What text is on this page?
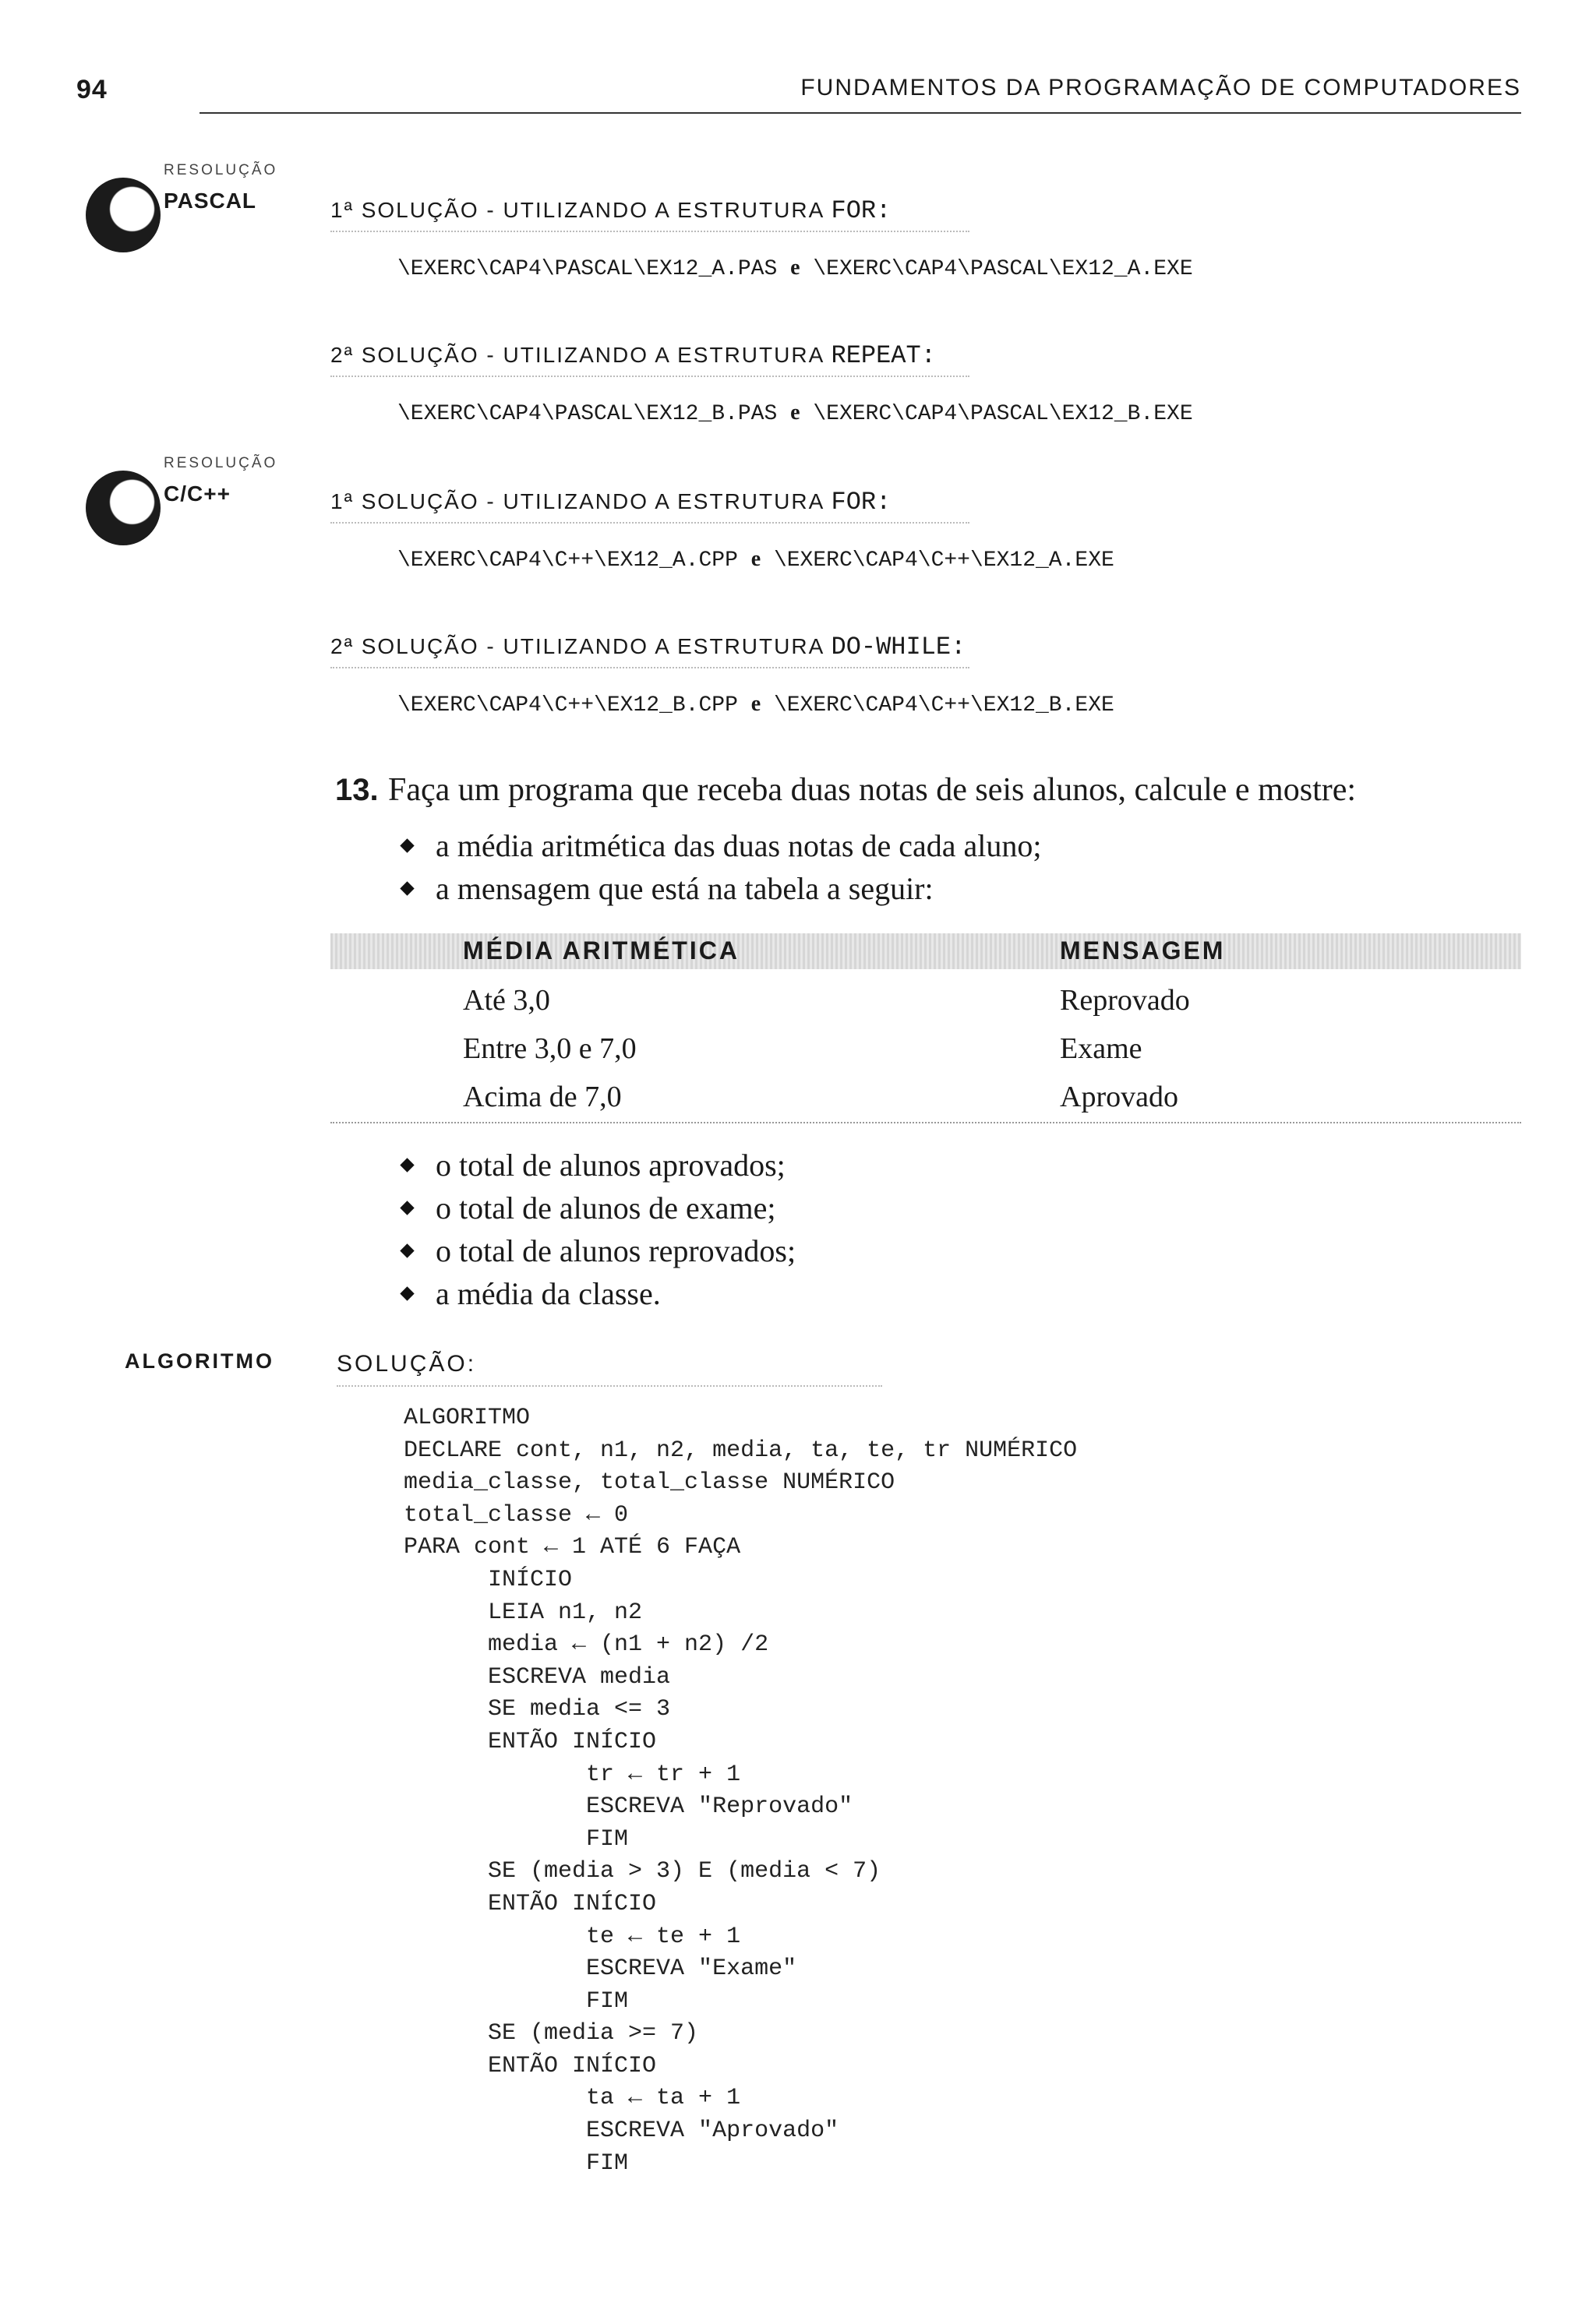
94	FUNDAMENTOS DA PROGRAMAÇÃO DE COMPUTADORES
RESOLUÇÃO
PASCAL	1ª SOLUÇÃO - UTILIZANDO A ESTRUTURA FOR:
\EXERC\CAP4\PASCAL\EX12_A.PAS e \EXERC\CAP4\PASCAL\EX12_A.EXE
2ª SOLUÇÃO - UTILIZANDO A ESTRUTURA REPEAT:
\EXERC\CAP4\PASCAL\EX12_B.PAS e \EXERC\CAP4\PASCAL\EX12_B.EXE
RESOLUÇÃO
C/C++	1ª SOLUÇÃO - UTILIZANDO A ESTRUTURA FOR:
\EXERC\CAP4\C++\EX12_A.CPP e \EXERC\CAP4\C++\EX12_A.EXE
2ª SOLUÇÃO - UTILIZANDO A ESTRUTURA DO-WHILE:
\EXERC\CAP4\C++\EX12_B.CPP e \EXERC\CAP4\C++\EX12_B.EXE
13. Faça um programa que receba duas notas de seis alunos, calcule e mostre:
a média aritmética das duas notas de cada aluno;
a mensagem que está na tabela a seguir:
MÉDIA ARITMÉTICA	MENSAGEM
Até 3,0	Reprovado
Entre 3,0 e 7,0	Exame
Acima de 7,0	Aprovado
o total de alunos aprovados;
o total de alunos de exame;
o total de alunos reprovados;
a média da classe.
ALGORITMO	SOLUÇÃO:
ALGORITMO
DECLARE cont, n1, n2, media, ta, te, tr NUMÉRICO
media_classe, total_classe NUMÉRICO
total_classe ← 0
PARA cont ← 1 ATÉ 6 FAÇA
INÍCIO
LEIA n1, n2
media ← (n1 + n2) /2
ESCREVA media
SE media <= 3
ENTÃO INÍCIO
tr ← tr + 1
ESCREVA "Reprovado"
FIM
SE (media > 3) E (media < 7)
ENTÃO INÍCIO
te ← te + 1
ESCREVA "Exame"
FIM
SE (media >= 7)
ENTÃO INÍCIO
ta ← ta + 1
ESCREVA "Aprovado"
FIM
